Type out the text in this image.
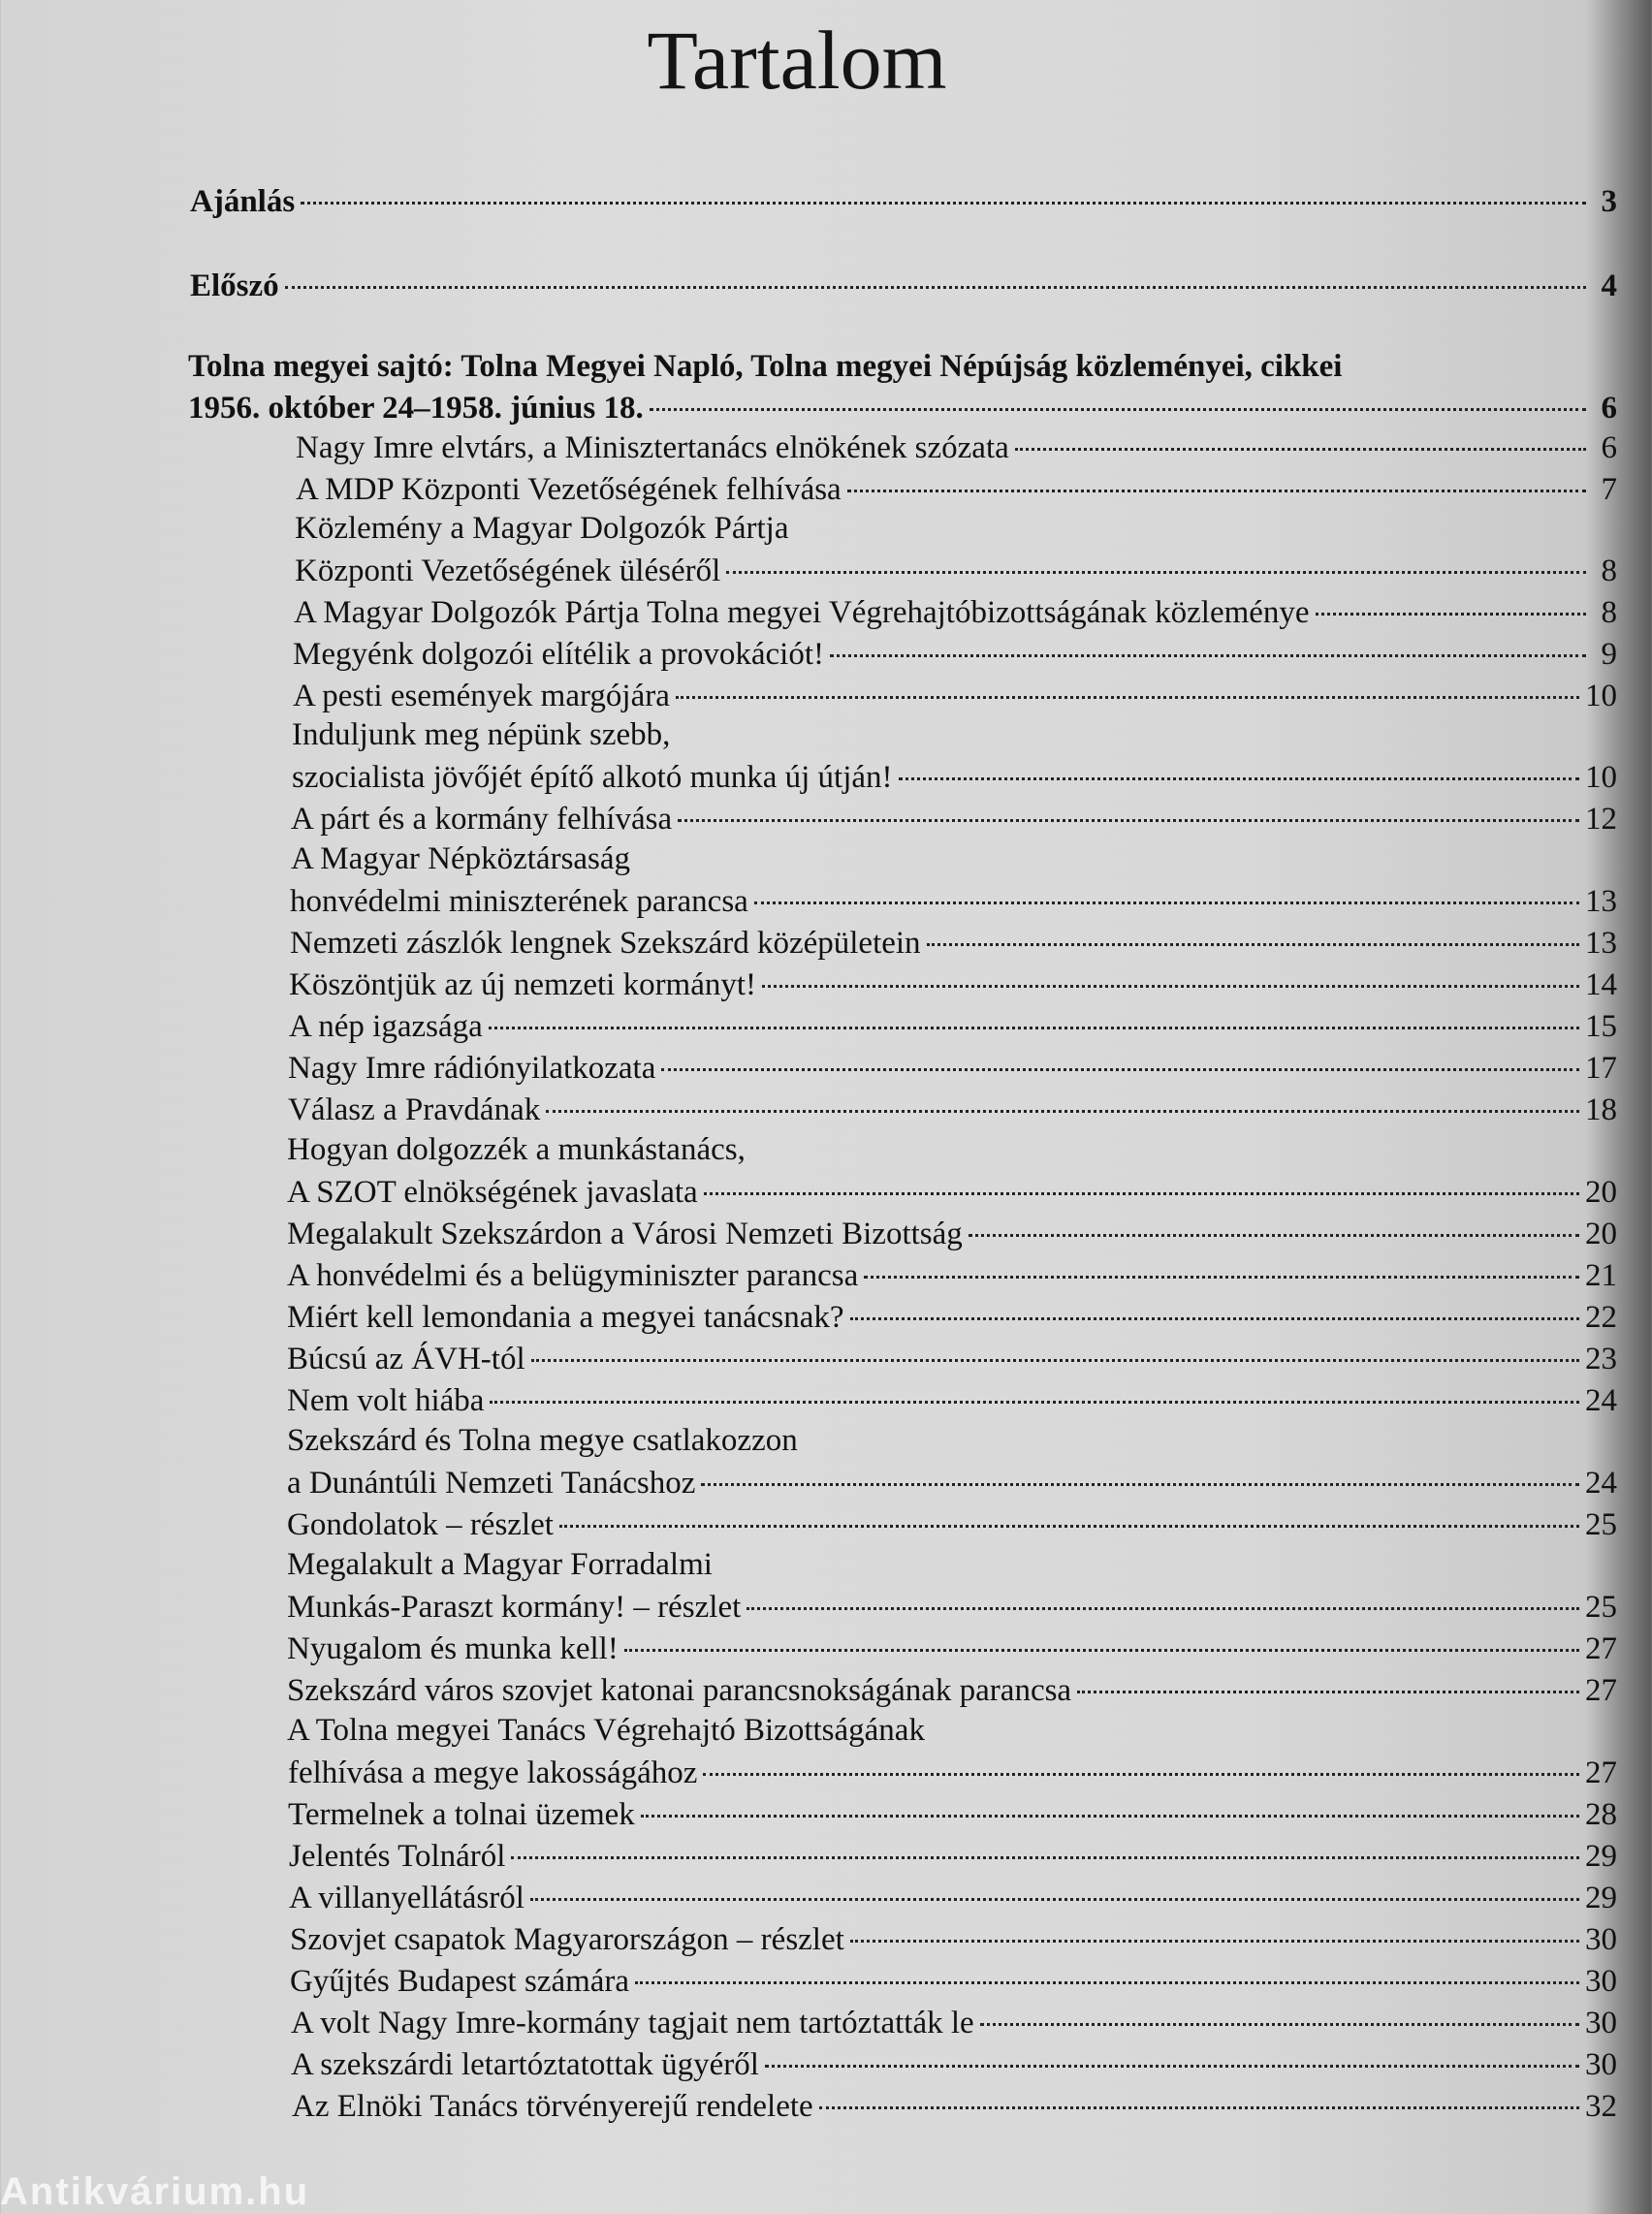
Tartalom
Ajánlás	3
Előszó	4
Tolna megyei sajtó: Tolna Megyei Napló, Tolna megyei Népújság közleményei, cikkei
1956. október 24–1958. június 18.	6
Nagy Imre elvtárs, a Minisztertanács elnökének szózata	6
A MDP Központi Vezetőségének felhívása	7
Közlemény a Magyar Dolgozók Pártja
Központi Vezetőségének üléséről	8
A Magyar Dolgozók Pártja Tolna megyei Végrehajtóbizottságának közleménye	8
Megyénk dolgozói elítélik a provokációt!	9
A pesti események margójára	10
Induljunk meg népünk szebb,
szocialista jövőjét építő alkotó munka új útján!	10
A párt és a kormány felhívása	12
A Magyar Népköztársaság
honvédelmi miniszterének parancsa	13
Nemzeti zászlók lengnek Szekszárd középületein	13
Köszöntjük az új nemzeti kormányt!	14
A nép igazsága	15
Nagy Imre rádiónyilatkozata	17
Válasz a Pravdának	18
Hogyan dolgozzék a munkástanács,
A SZOT elnökségének javaslata	20
Megalakult Szekszárdon a Városi Nemzeti Bizottság	20
A honvédelmi és a belügyminiszter parancsa	21
Miért kell lemondania a megyei tanácsnak?	22
Búcsú az ÁVH-tól	23
Nem volt hiába	24
Szekszárd és Tolna megye csatlakozzon
a Dunántúli Nemzeti Tanácshoz	24
Gondolatok – részlet	25
Megalakult a Magyar Forradalmi
Munkás-Paraszt kormány! – részlet	25
Nyugalom és munka kell!	27
Szekszárd város szovjet katonai parancsnokságának parancsa	27
A Tolna megyei Tanács Végrehajtó Bizottságának
felhívása a megye lakosságához	27
Termelnek a tolnai üzemek	28
Jelentés Tolnáról	29
A villanyellátásról	29
Szovjet csapatok Magyarországon – részlet	30
Gyűjtés Budapest számára	30
A volt Nagy Imre-kormány tagjait nem tartóztatták le	30
A szekszárdi letartóztatottak ügyéről	30
Az Elnöki Tanács törvényerejű rendelete	32
Antikvárium.hu
